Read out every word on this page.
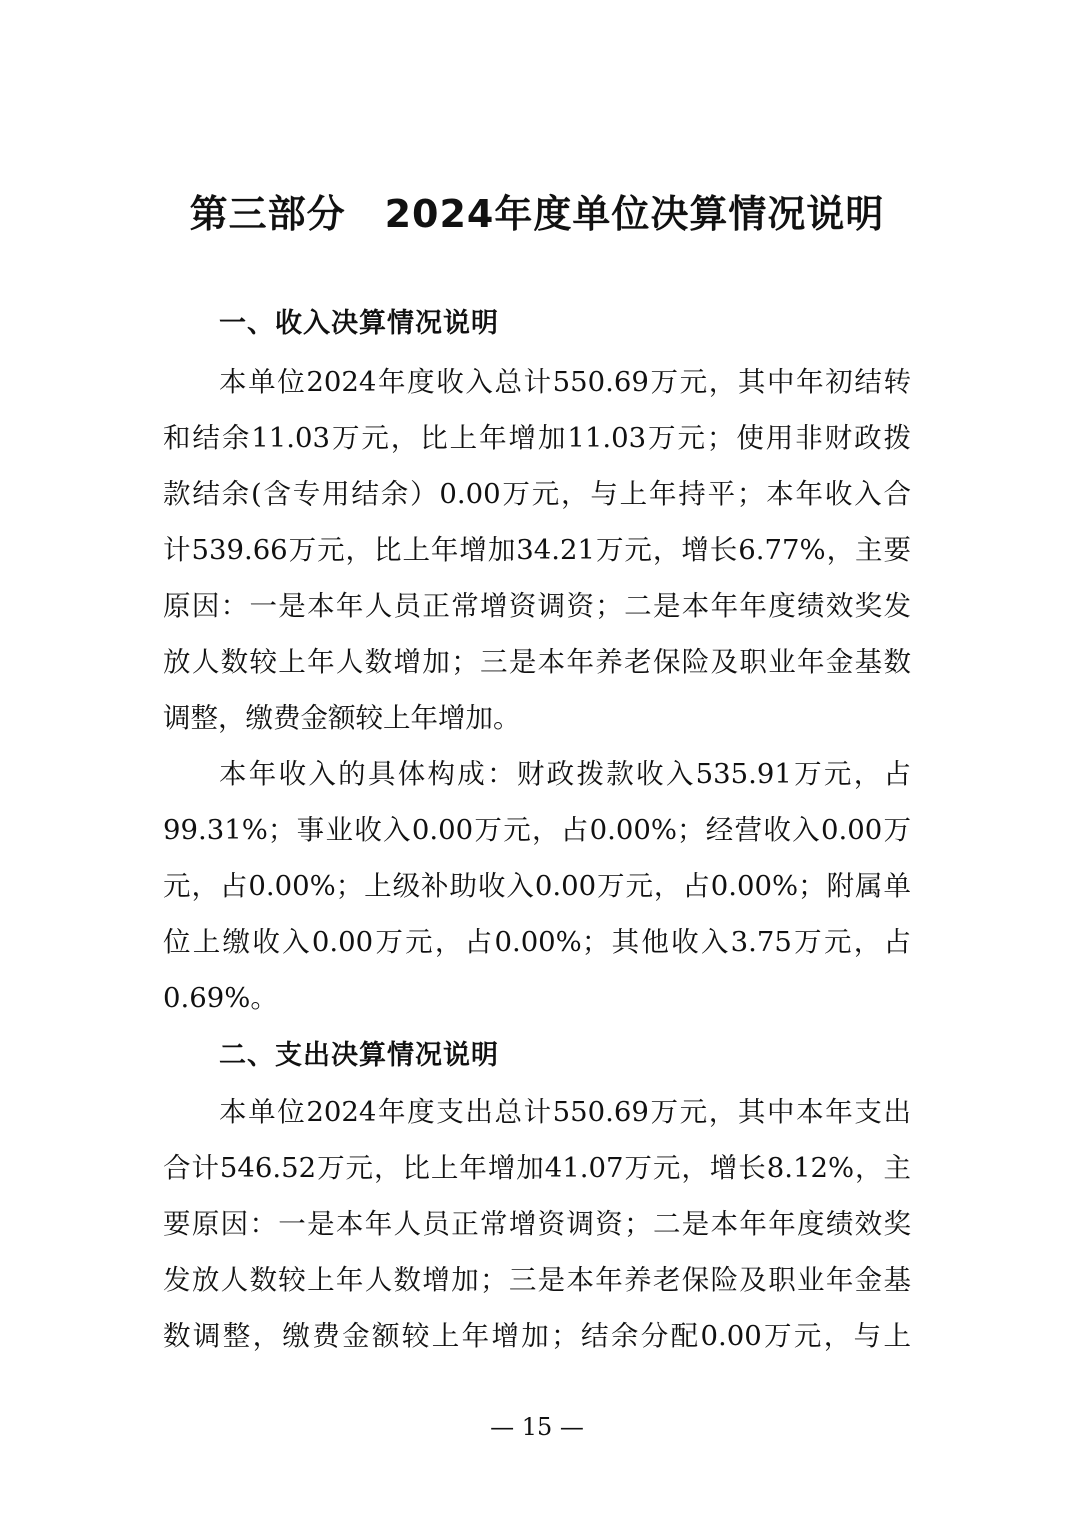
第三部分　2024年度单位决算情况说明
一、收入决算情况说明
本单位2024年度收入总计550.69万元，其中年初结转
和结余11.03万元，比上年增加11.03万元；使用非财政拨
款结余(含专用结余）0.00万元，与上年持平；本年收入合
计539.66万元，比上年增加34.21万元，增长6.77%，主要
原因：一是本年人员正常增资调资；二是本年年度绩效奖发
放人数较上年人数增加；三是本年养老保险及职业年金基数
调整，缴费金额较上年增加。
本年收入的具体构成：财政拨款收入535.91万元，占
99.31%；事业收入0.00万元，占0.00%；经营收入0.00万
元，占0.00%；上级补助收入0.00万元，占0.00%；附属单
位上缴收入0.00万元，占0.00%；其他收入3.75万元，占
0.69%。
二、支出决算情况说明
本单位2024年度支出总计550.69万元，其中本年支出
合计546.52万元，比上年增加41.07万元，增长8.12%，主
要原因：一是本年人员正常增资调资；二是本年年度绩效奖
发放人数较上年人数增加；三是本年养老保险及职业年金基
数调整，缴费金额较上年增加；结余分配0.00万元，与上
— 15 —
